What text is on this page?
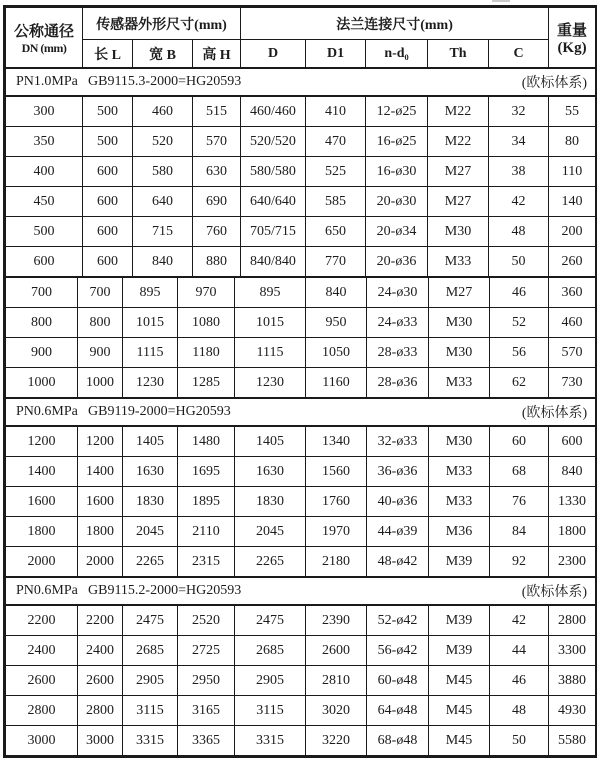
公称通径
DN (mm)
	传感器外形尺寸(mm)	法兰连接尺寸(mm)	重量
(Kg)

	长 L	宽 B	高 H	D	D1	n-d₀	Th	C	
PN1.0MPa GB9115.3-2000=HG20593	(欧标体系)
300	500	460	515	460/460	410	12-ø25	M22	32	55
350	500	520	570	520/520	470	16-ø25	M22	34	80
400	600	580	630	580/580	525	16-ø30	M27	38	110
450	600	640	690	640/640	585	20-ø30	M27	42	140
500	600	715	760	705/715	650	20-ø34	M30	48	200
600	600	840	880	840/840	770	20-ø36	M33	50	260
700	700	895	970	895	840	24-ø30	M27	46	360
800	800	1015	1080	1015	950	24-ø33	M30	52	460
900	900	1115	1180	1115	1050	28-ø33	M30	56	570
1000	1000	1230	1285	1230	1160	28-ø36	M33	62	730
PN0.6MPa GB9119-2000=HG20593	(欧标体系)
1200	1200	1405	1480	1405	1340	32-ø33	M30	60	600
1400	1400	1630	1695	1630	1560	36-ø36	M33	68	840
1600	1600	1830	1895	1830	1760	40-ø36	M33	76	1330
1800	1800	2045	2110	2045	1970	44-ø39	M36	84	1800
2000	2000	2265	2315	2265	2180	48-ø42	M39	92	2300
PN0.6MPa GB9115.2-2000=HG20593	(欧标体系)
2200	2200	2475	2520	2475	2390	52-ø42	M39	42	2800
2400	2400	2685	2725	2685	2600	56-ø42	M39	44	3300
2600	2600	2905	2950	2905	2810	60-ø48	M45	46	3880
2800	2800	3115	3165	3115	3020	64-ø48	M45	48	4930
3000	3000	3315	3365	3315	3220	68-ø48	M45	50	5580
